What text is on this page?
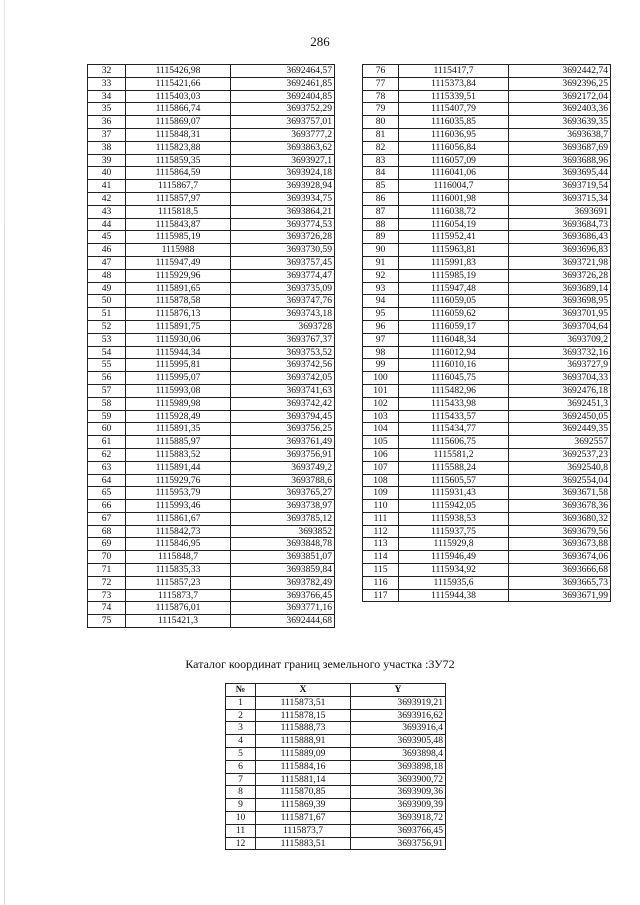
286
32	1115426,98	3692464,57
33	1115421,66	3692461,85
34	1115403,03	3692404,85
35	1115866,74	3693752,29
36	1115869,07	3693757,01
37	1115848,31	3693777,2
38	1115823,88	3693863,62
39	1115859,35	3693927,1
40	1115864,59	3693924,18
41	1115867,7	3693928,94
42	1115857,97	3693934,75
43	1115818,5	3693864,21
44	1115843,87	3693774,53
45	1115985,19	3693726,28
46	1115988	3693730,59
47	1115947,49	3693757,45
48	1115929,96	3693774,47
49	1115891,65	3693735,09
50	1115878,58	3693747,76
51	1115876,13	3693743,18
52	1115891,75	3693728
53	1115930,06	3693767,37
54	1115944,34	3693753,52
55	1115995,81	3693742,56
56	1115995,07	3693742,05
57	1115993,08	3693741,63
58	1115989,98	3693742,42
59	1115928,49	3693794,45
60	1115891,35	3693756,25
61	1115885,97	3693761,49
62	1115883,52	3693756,91
63	1115891,44	3693749,2
64	1115929,76	3693788,6
65	1115953,79	3693765,27
66	1115993,46	3693738,97
67	1115861,67	3693785,12
68	1115842,73	3693852
69	1115846,95	3693848,78
70	1115848,7	3693851,07
71	1115835,33	3693859,84
72	1115857,23	3693782,49
73	1115873,7	3693766,45
74	1115876,01	3693771,16
75	1115421,3	3692444,68
76	1115417,7	3692442,74
77	1115373,84	3692396,25
78	1115339,51	3692172,04
79	1115407,79	3692403,36
80	1116035,85	3693639,35
81	1116036,95	3693638,7
82	1116056,84	3693687,69
83	1116057,09	3693688,96
84	1116041,06	3693695,44
85	1116004,7	3693719,54
86	1116001,98	3693715,34
87	1116038,72	3693691
88	1116054,19	3693684,73
89	1115952,41	3693686,43
90	1115963,81	3693696,83
91	1115991,83	3693721,98
92	1115985,19	3693726,28
93	1115947,48	3693689,14
94	1116059,05	3693698,95
95	1116059,62	3693701,95
96	1116059,17	3693704,64
97	1116048,34	3693709,2
98	1116012,94	3693732,16
99	1116010,16	3693727,9
100	1116045,75	3693704,33
101	1115482,96	3692476,18
102	1115433,98	3692451,3
103	1115433,57	3692450,05
104	1115434,77	3692449,35
105	1115606,75	3692557
106	1115581,2	3692537,23
107	1115588,24	3692540,8
108	1115605,57	3692554,04
109	1115931,43	3693671,58
110	1115942,05	3693678,36
111	1115938,53	3693680,32
112	1115937,75	3693679,56
113	1115929,8	3693673,88
114	1115946,49	3693674,06
115	1115934,92	3693666,68
116	1115935,6	3693665,73
117	1115944,38	3693671,99
Каталог координат границ земельного участка :ЗУ72
№	X	Y
1	1115873,51	3693919,21
2	1115878,15	3693916,62
3	1115888,73	3693916,4
4	1115888,91	3693905,48
5	1115889,09	3693898,4
6	1115884,16	3693898,18
7	1115881,14	3693900,72
8	1115870,85	3693909,36
9	1115869,39	3693909,39
10	1115871,67	3693918,72
11	1115873,7	3693766,45
12	1115883,51	3693756,91
